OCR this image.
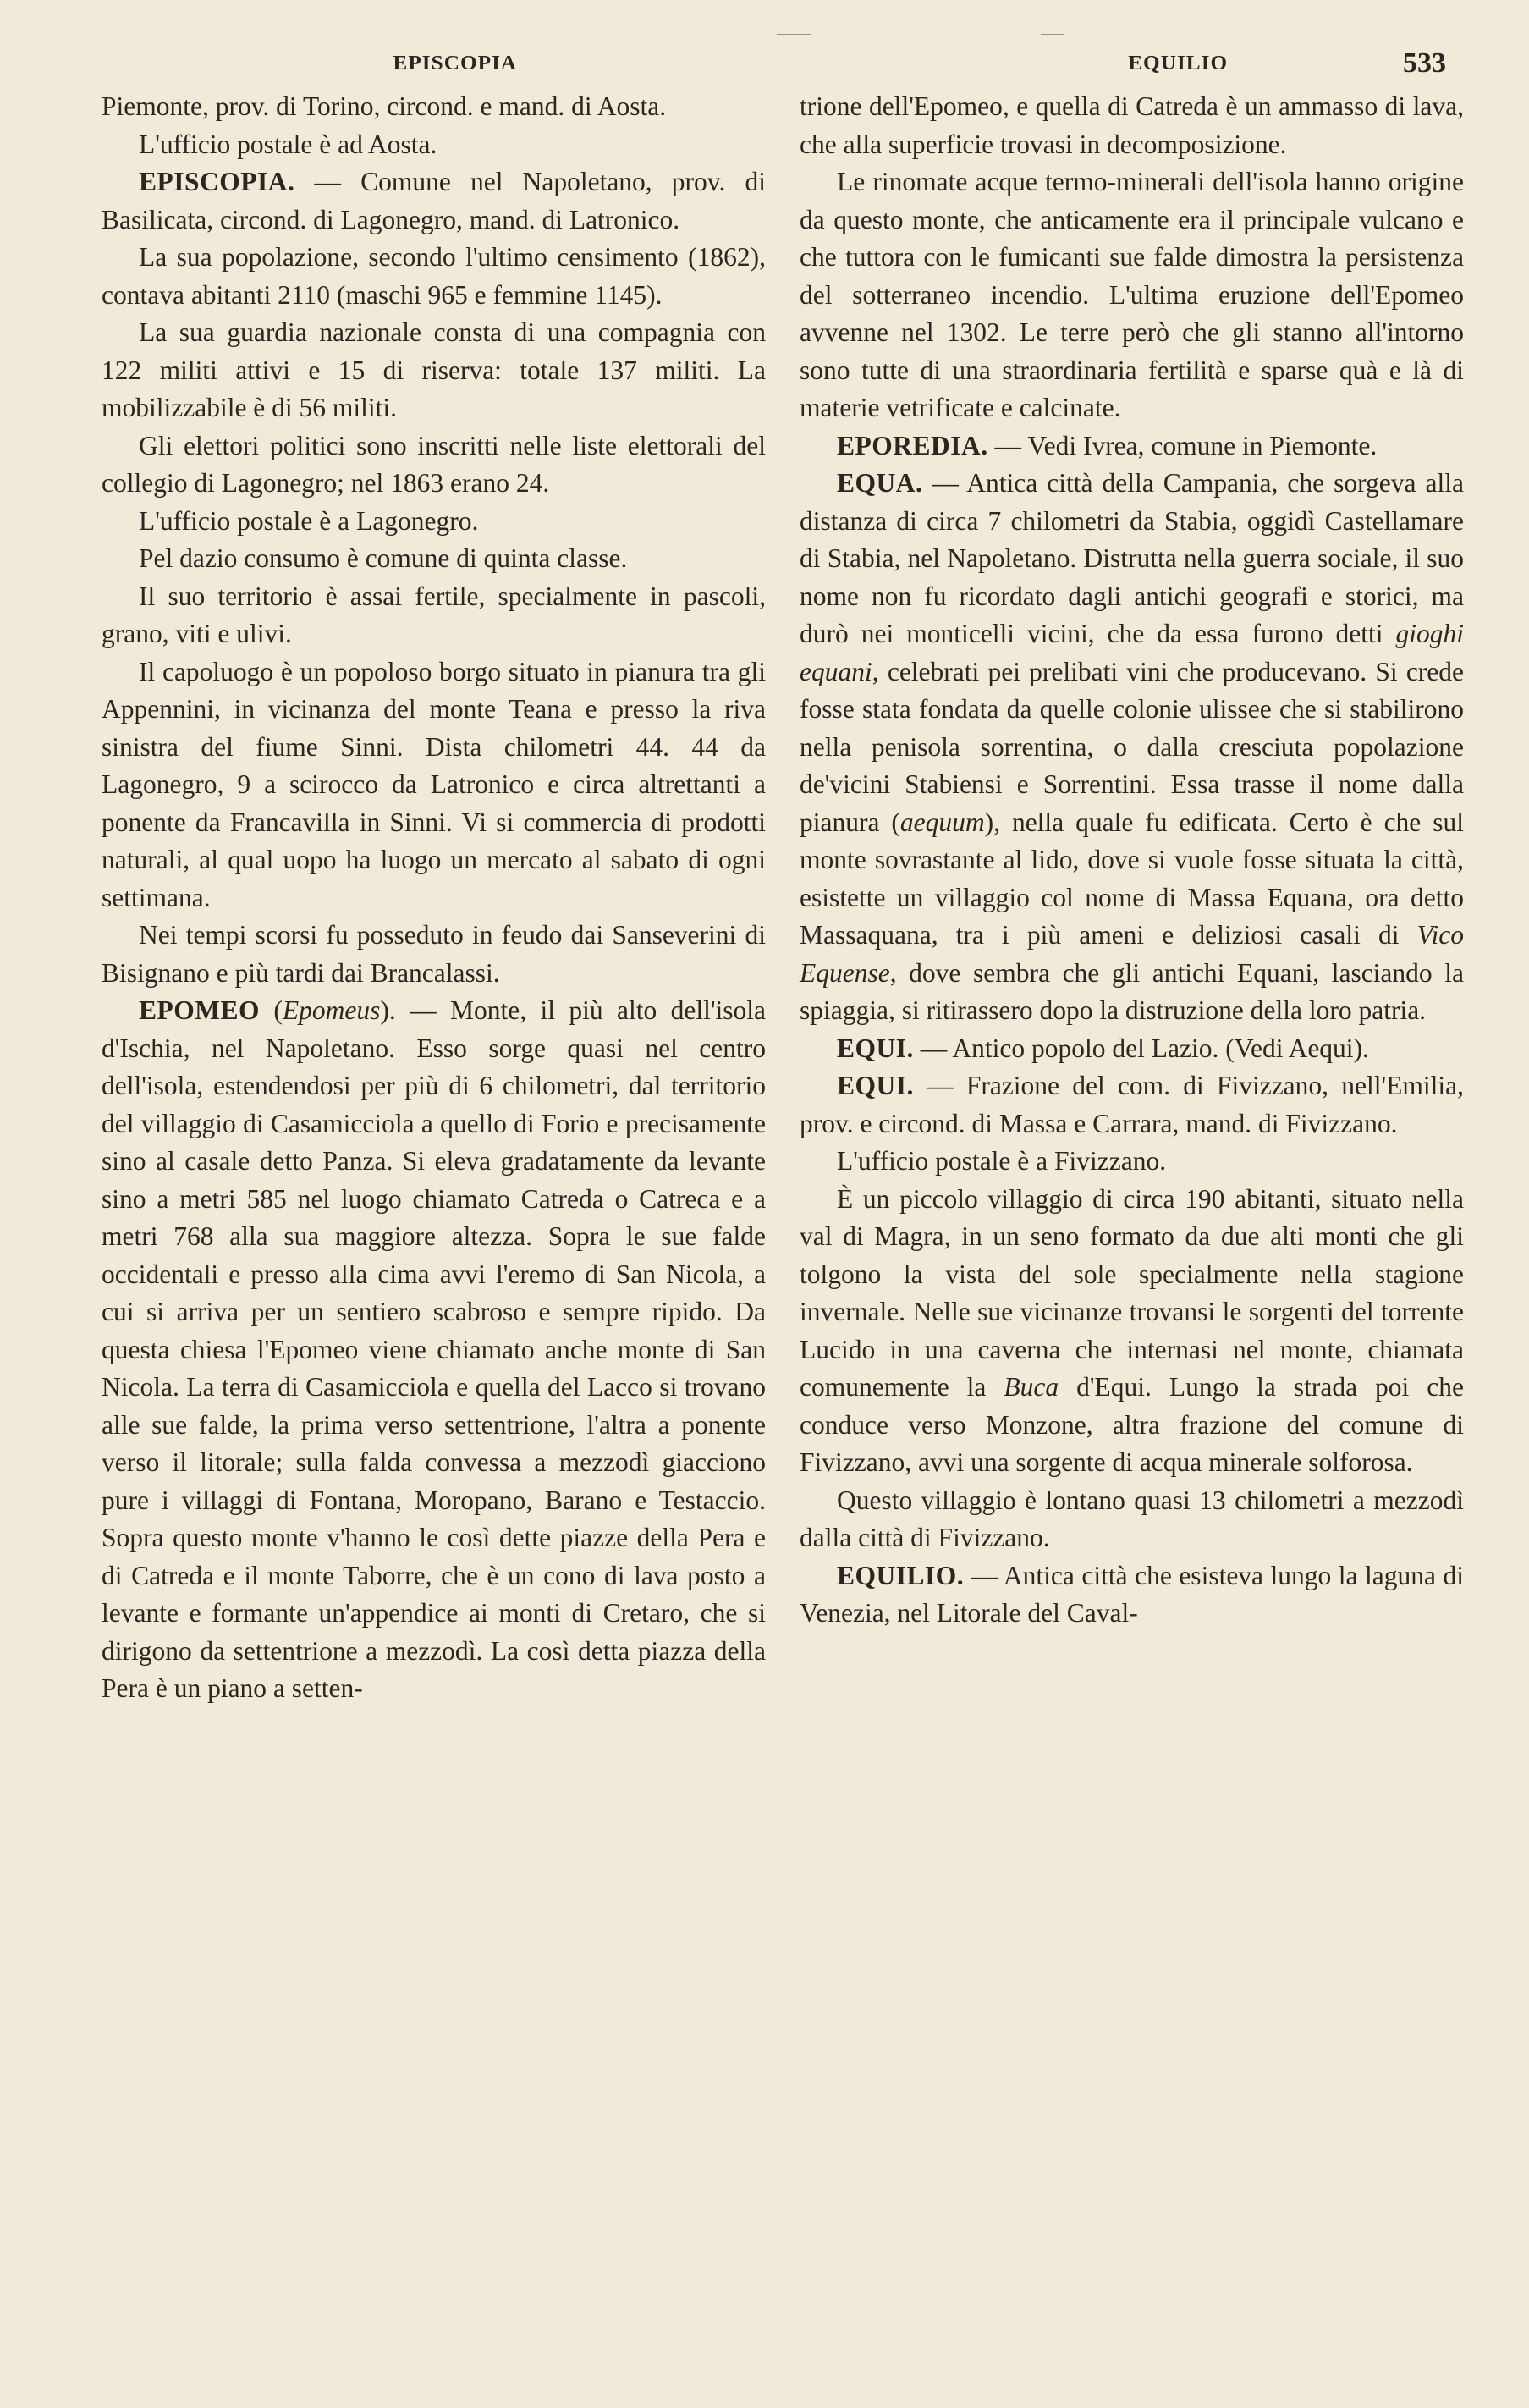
EPISCOPIA	EQUILIO	533

Piemonte, prov. di Torino, circond. e mand. di Aosta.

L'ufficio postale è ad Aosta.

EPISCOPIA. — Comune nel Napoletano, prov. di Basilicata, circond. di Lagonegro, mand. di Latronico.

La sua popolazione, secondo l'ultimo censimento (1862), contava abitanti 2110 (maschi 965 e femmine 1145).

La sua guardia nazionale consta di una compagnia con 122 militi attivi e 15 di riserva: totale 137 militi. La mobilizzabile è di 56 militi.

Gli elettori politici sono inscritti nelle liste elettorali del collegio di Lagonegro; nel 1863 erano 24.

L'ufficio postale è a Lagonegro.

Pel dazio consumo è comune di quinta classe.

Il suo territorio è assai fertile, specialmente in pascoli, grano, viti e ulivi.

Il capoluogo è un popoloso borgo situato in pianura tra gli Appennini, in vicinanza del monte Teana e presso la riva sinistra del fiume Sinni. Dista chilometri 44. 44 da Lagonegro, 9 a scirocco da Latronico e circa altrettanti a ponente da Francavilla in Sinni. Vi si commercia di prodotti naturali, al qual uopo ha luogo un mercato al sabato di ogni settimana.

Nei tempi scorsi fu posseduto in feudo dai Sanseverini di Bisignano e più tardi dai Brancalassi.

EPOMEO (Epomeus). — Monte, il più alto dell'isola d'Ischia, nel Napoletano. Esso sorge quasi nel centro dell'isola, estendendosi per più di 6 chilometri, dal territorio del villaggio di Casamicciola a quello di Forio e precisamente sino al casale detto Panza. Si eleva gradatamente da levante sino a metri 585 nel luogo chiamato Catreda o Catreca e a metri 768 alla sua maggiore altezza. Sopra le sue falde occidentali e presso alla cima avvi l'eremo di San Nicola, a cui si arriva per un sentiero scabroso e sempre ripido. Da questa chiesa l'Epomeo viene chiamato anche monte di San Nicola. La terra di Casamicciola e quella del Lacco si trovano alle sue falde, la prima verso settentrione, l'altra a ponente verso il litorale; sulla falda convessa a mezzodì giacciono pure i villaggi di Fontana, Moropano, Barano e Testaccio. Sopra questo monte v'hanno le così dette piazze della Pera e di Catreda e il monte Taborre, che è un cono di lava posto a levante e formante un'appendice ai monti di Cretaro, che si dirigono da settentrione a mezzodì. La così detta piazza della Pera è un piano a setten-

trione dell'Epomeo, e quella di Catreda è un ammasso di lava, che alla superficie trovasi in decomposizione.

Le rinomate acque termo-minerali dell'isola hanno origine da questo monte, che anticamente era il principale vulcano e che tuttora con le fumicanti sue falde dimostra la persistenza del sotterraneo incendio. L'ultima eruzione dell'Epomeo avvenne nel 1302. Le terre però che gli stanno all'intorno sono tutte di una straordinaria fertilità e sparse quà e là di materie vetrificate e calcinate.

EPOREDIA. — Vedi Ivrea, comune in Piemonte.

EQUA. — Antica città della Campania, che sorgeva alla distanza di circa 7 chilometri da Stabia, oggidì Castellamare di Stabia, nel Napoletano. Distrutta nella guerra sociale, il suo nome non fu ricordato dagli antichi geografi e storici, ma durò nei monticelli vicini, che da essa furono detti gioghi equani, celebrati pei prelibati vini che producevano. Si crede fosse stata fondata da quelle colonie ulissee che si stabilirono nella penisola sorrentina, o dalla cresciuta popolazione de'vicini Stabiensi e Sorrentini. Essa trasse il nome dalla pianura (aequum), nella quale fu edificata. Certo è che sul monte sovrastante al lido, dove si vuole fosse situata la città, esistette un villaggio col nome di Massa Equana, ora detto Massaquana, tra i più ameni e deliziosi casali di Vico Equense, dove sembra che gli antichi Equani, lasciando la spiaggia, si ritirassero dopo la distruzione della loro patria.

EQUI. — Antico popolo del Lazio. (Vedi Aequi).

EQUI. — Frazione del com. di Fivizzano, nell'Emilia, prov. e circond. di Massa e Carrara, mand. di Fivizzano.

L'ufficio postale è a Fivizzano.

È un piccolo villaggio di circa 190 abitanti, situato nella val di Magra, in un seno formato da due alti monti che gli tolgono la vista del sole specialmente nella stagione invernale. Nelle sue vicinanze trovansi le sorgenti del torrente Lucido in una caverna che internasi nel monte, chiamata comunemente la Buca d'Equi. Lungo la strada poi che conduce verso Monzone, altra frazione del comune di Fivizzano, avvi una sorgente di acqua minerale solforosa.

Questo villaggio è lontano quasi 13 chilometri a mezzodì dalla città di Fivizzano.

EQUILIO. — Antica città che esisteva lungo la laguna di Venezia, nel Litorale del Caval-
